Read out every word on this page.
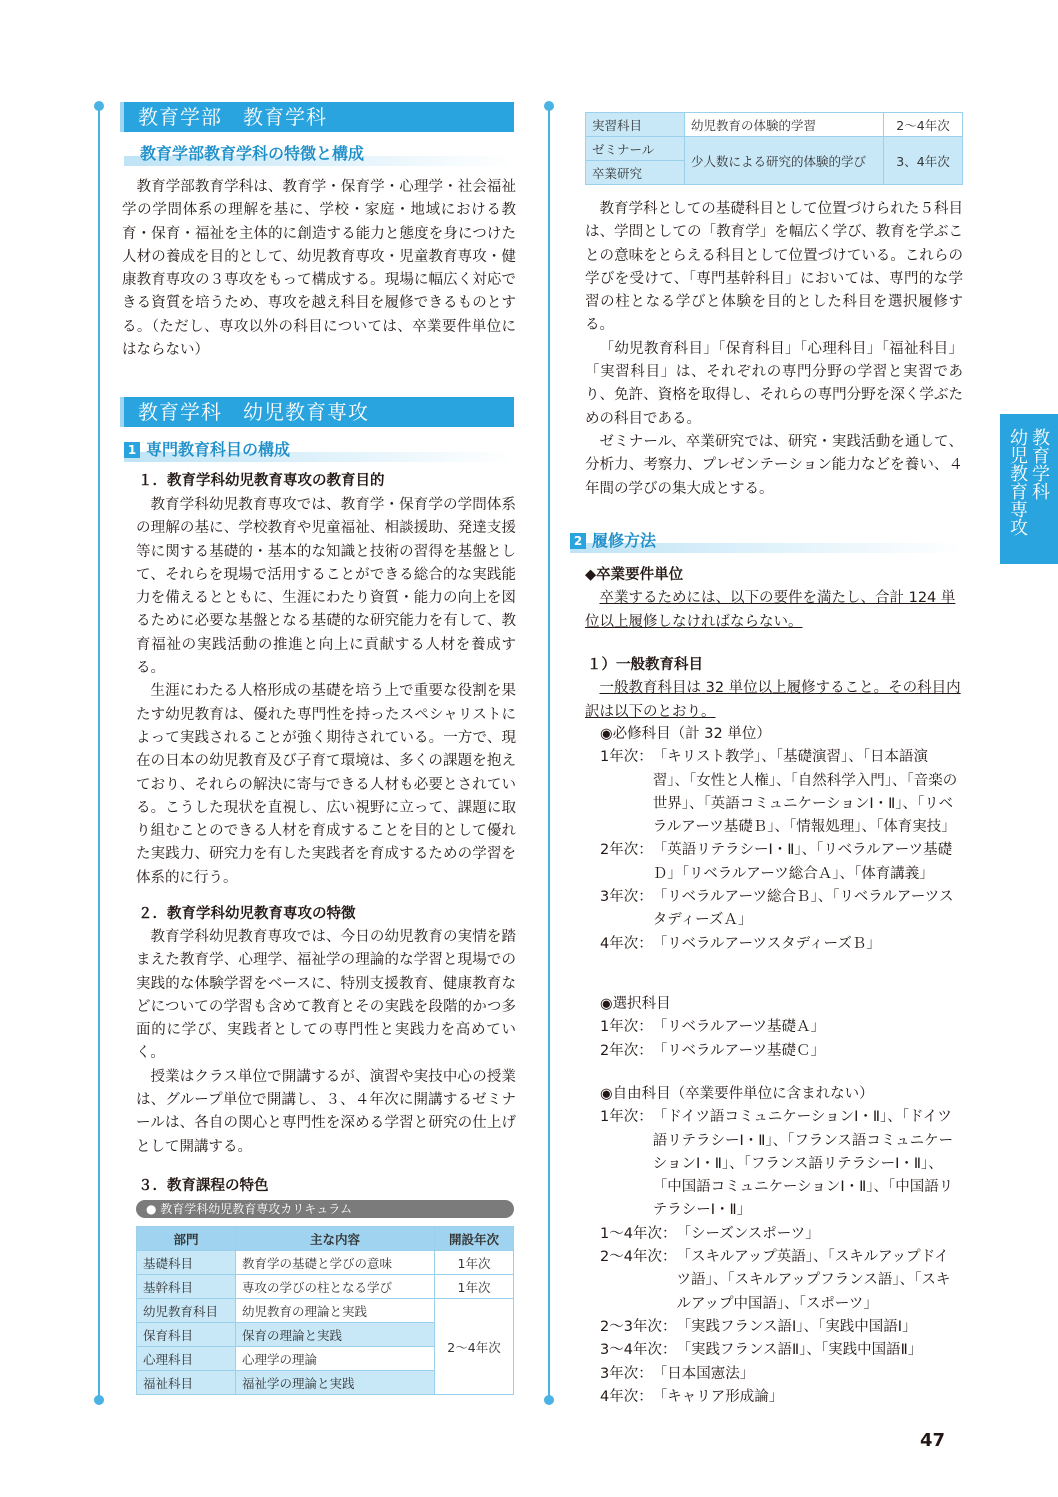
教育学部　教育学科
教育学部教育学科の特徴と構成

教育学部教育学科は、教育学・保育学・心理学・社会福祉学の学問体系の理解を基に、学校・家庭・地域における教育・保育・福祉を主体的に創造する能力と態度を身につけた人材の養成を目的として、幼児教育専攻・児童教育専攻・健康教育専攻の３専攻をもって構成する。現場に幅広く対応できる資質を培うため、専攻を越え科目を履修できるものとする。（ただし、専攻以外の科目については、卒業要件単位にはならない）

教育学科　幼児教育専攻
1 専門教育科目の構成
１．教育学科幼児教育専攻の教育目的

教育学科幼児教育専攻では、教育学・保育学の学問体系の理解の基に、学校教育や児童福祉、相談援助、発達支援等に関する基礎的・基本的な知識と技術の習得を基盤として、それらを現場で活用することができる総合的な実践能力を備えるとともに、生涯にわたり資質・能力の向上を図るために必要な基盤となる基礎的な研究能力を有して、教育福祉の実践活動の推進と向上に貢献する人材を養成する。

生涯にわたる人格形成の基礎を培う上で重要な役割を果たす幼児教育は、優れた専門性を持ったスペシャリストによって実践されることが強く期待されている。一方で、現在の日本の幼児教育及び子育て環境は、多くの課題を抱えており、それらの解決に寄与できる人材も必要とされている。こうした現状を直視し、広い視野に立って、課題に取り組むことのできる人材を育成することを目的として優れた実践力、研究力を有した実践者を育成するための学習を体系的に行う。

２．教育学科幼児教育専攻の特徴

教育学科幼児教育専攻では、今日の幼児教育の実情を踏まえた教育学、心理学、福祉学の理論的な学習と現場での実践的な体験学習をベースに、特別支援教育、健康教育などについての学習も含めて教育とその実践を段階的かつ多面的に学び、実践者としての専門性と実践力を高めていく。

授業はクラス単位で開講するが、演習や実技中心の授業は、グループ単位で開講し、３、４年次に開講するゼミナールは、各自の関心と専門性を深める学習と研究の仕上げとして開講する。

３．教育課程の特色
● 教育学科幼児教育専攻カリキュラム
部門	主な内容	開設年次
基礎科目	教育学の基礎と学びの意味	1年次
基幹科目	専攻の学びの柱となる学び	1年次
幼児教育科目	幼児教育の理論と実践	2～4年次
保育科目	保育の理論と実践	
心理科目	心理学の理論	
福祉科目	福祉学の理論と実践	
実習科目	幼児教育の体験的学習	2～4年次
ゼミナール	少人数による研究的体験的学び	3、4年次
卒業研究		

教育学科としての基礎科目として位置づけられた５科目は、学問としての「教育学」を幅広く学び、教育を学ぶことの意味をとらえる科目として位置づけている。これらの学びを受けて、「専門基幹科目」においては、専門的な学習の柱となる学びと体験を目的とした科目を選択履修する。

「幼児教育科目」「保育科目」「心理科目」「福祉科目」「実習科目」は、それぞれの専門分野の学習と実習であり、免許、資格を取得し、それらの専門分野を深く学ぶための科目である。

ゼミナール、卒業研究では、研究・実践活動を通して、分析力、考察力、プレゼンテーション能力などを養い、４年間の学びの集大成とする。

2 履修方法
◆卒業要件単位
卒業するためには、以下の要件を満たし、合計 124 単位以上履修しなければならない。
１）一般教育科目
一般教育科目は 32 単位以上履修すること。その科目内訳は以下のとおり。
◉必修科目（計 32 単位）
1年次： 「キリスト教学」、「基礎演習」、「日本語演習」、「女性と人権」、「自然科学入門」、「音楽の世界」、「英語コミュニケーションⅠ・Ⅱ」、「リベラルアーツ基礎Ｂ」、「情報処理」、「体育実技」
2年次： 「英語リテラシーⅠ・Ⅱ」、「リベラルアーツ基礎Ｄ」「リベラルアーツ総合Ａ」、「体育講義」
3年次： 「リベラルアーツ総合Ｂ」、「リベラルアーツスタディーズＡ」
4年次： 「リベラルアーツスタディーズＢ」
◉選択科目
1年次： 「リベラルアーツ基礎Ａ」
2年次： 「リベラルアーツ基礎Ｃ」
◉自由科目（卒業要件単位に含まれない）
1年次： 「ドイツ語コミュニケーションⅠ・Ⅱ」、「ドイツ語リテラシーⅠ・Ⅱ」、「フランス語コミュニケーションⅠ・Ⅱ」、「フランス語リテラシーⅠ・Ⅱ」、「中国語コミュニケーションⅠ・Ⅱ」、「中国語リテラシーⅠ・Ⅱ」
1～4年次： 「シーズンスポーツ」
2～4年次： 「スキルアップ英語」、「スキルアップドイツ語」、「スキルアップフランス語」、「スキルアップ中国語」、「スポーツ」
2～3年次： 「実践フランス語Ⅰ」、「実践中国語Ⅰ」
3～4年次： 「実践フランス語Ⅱ」、「実践中国語Ⅱ」
3年次： 「日本国憲法」
4年次： 「キャリア形成論」
教育学科
幼児教育専攻
47
